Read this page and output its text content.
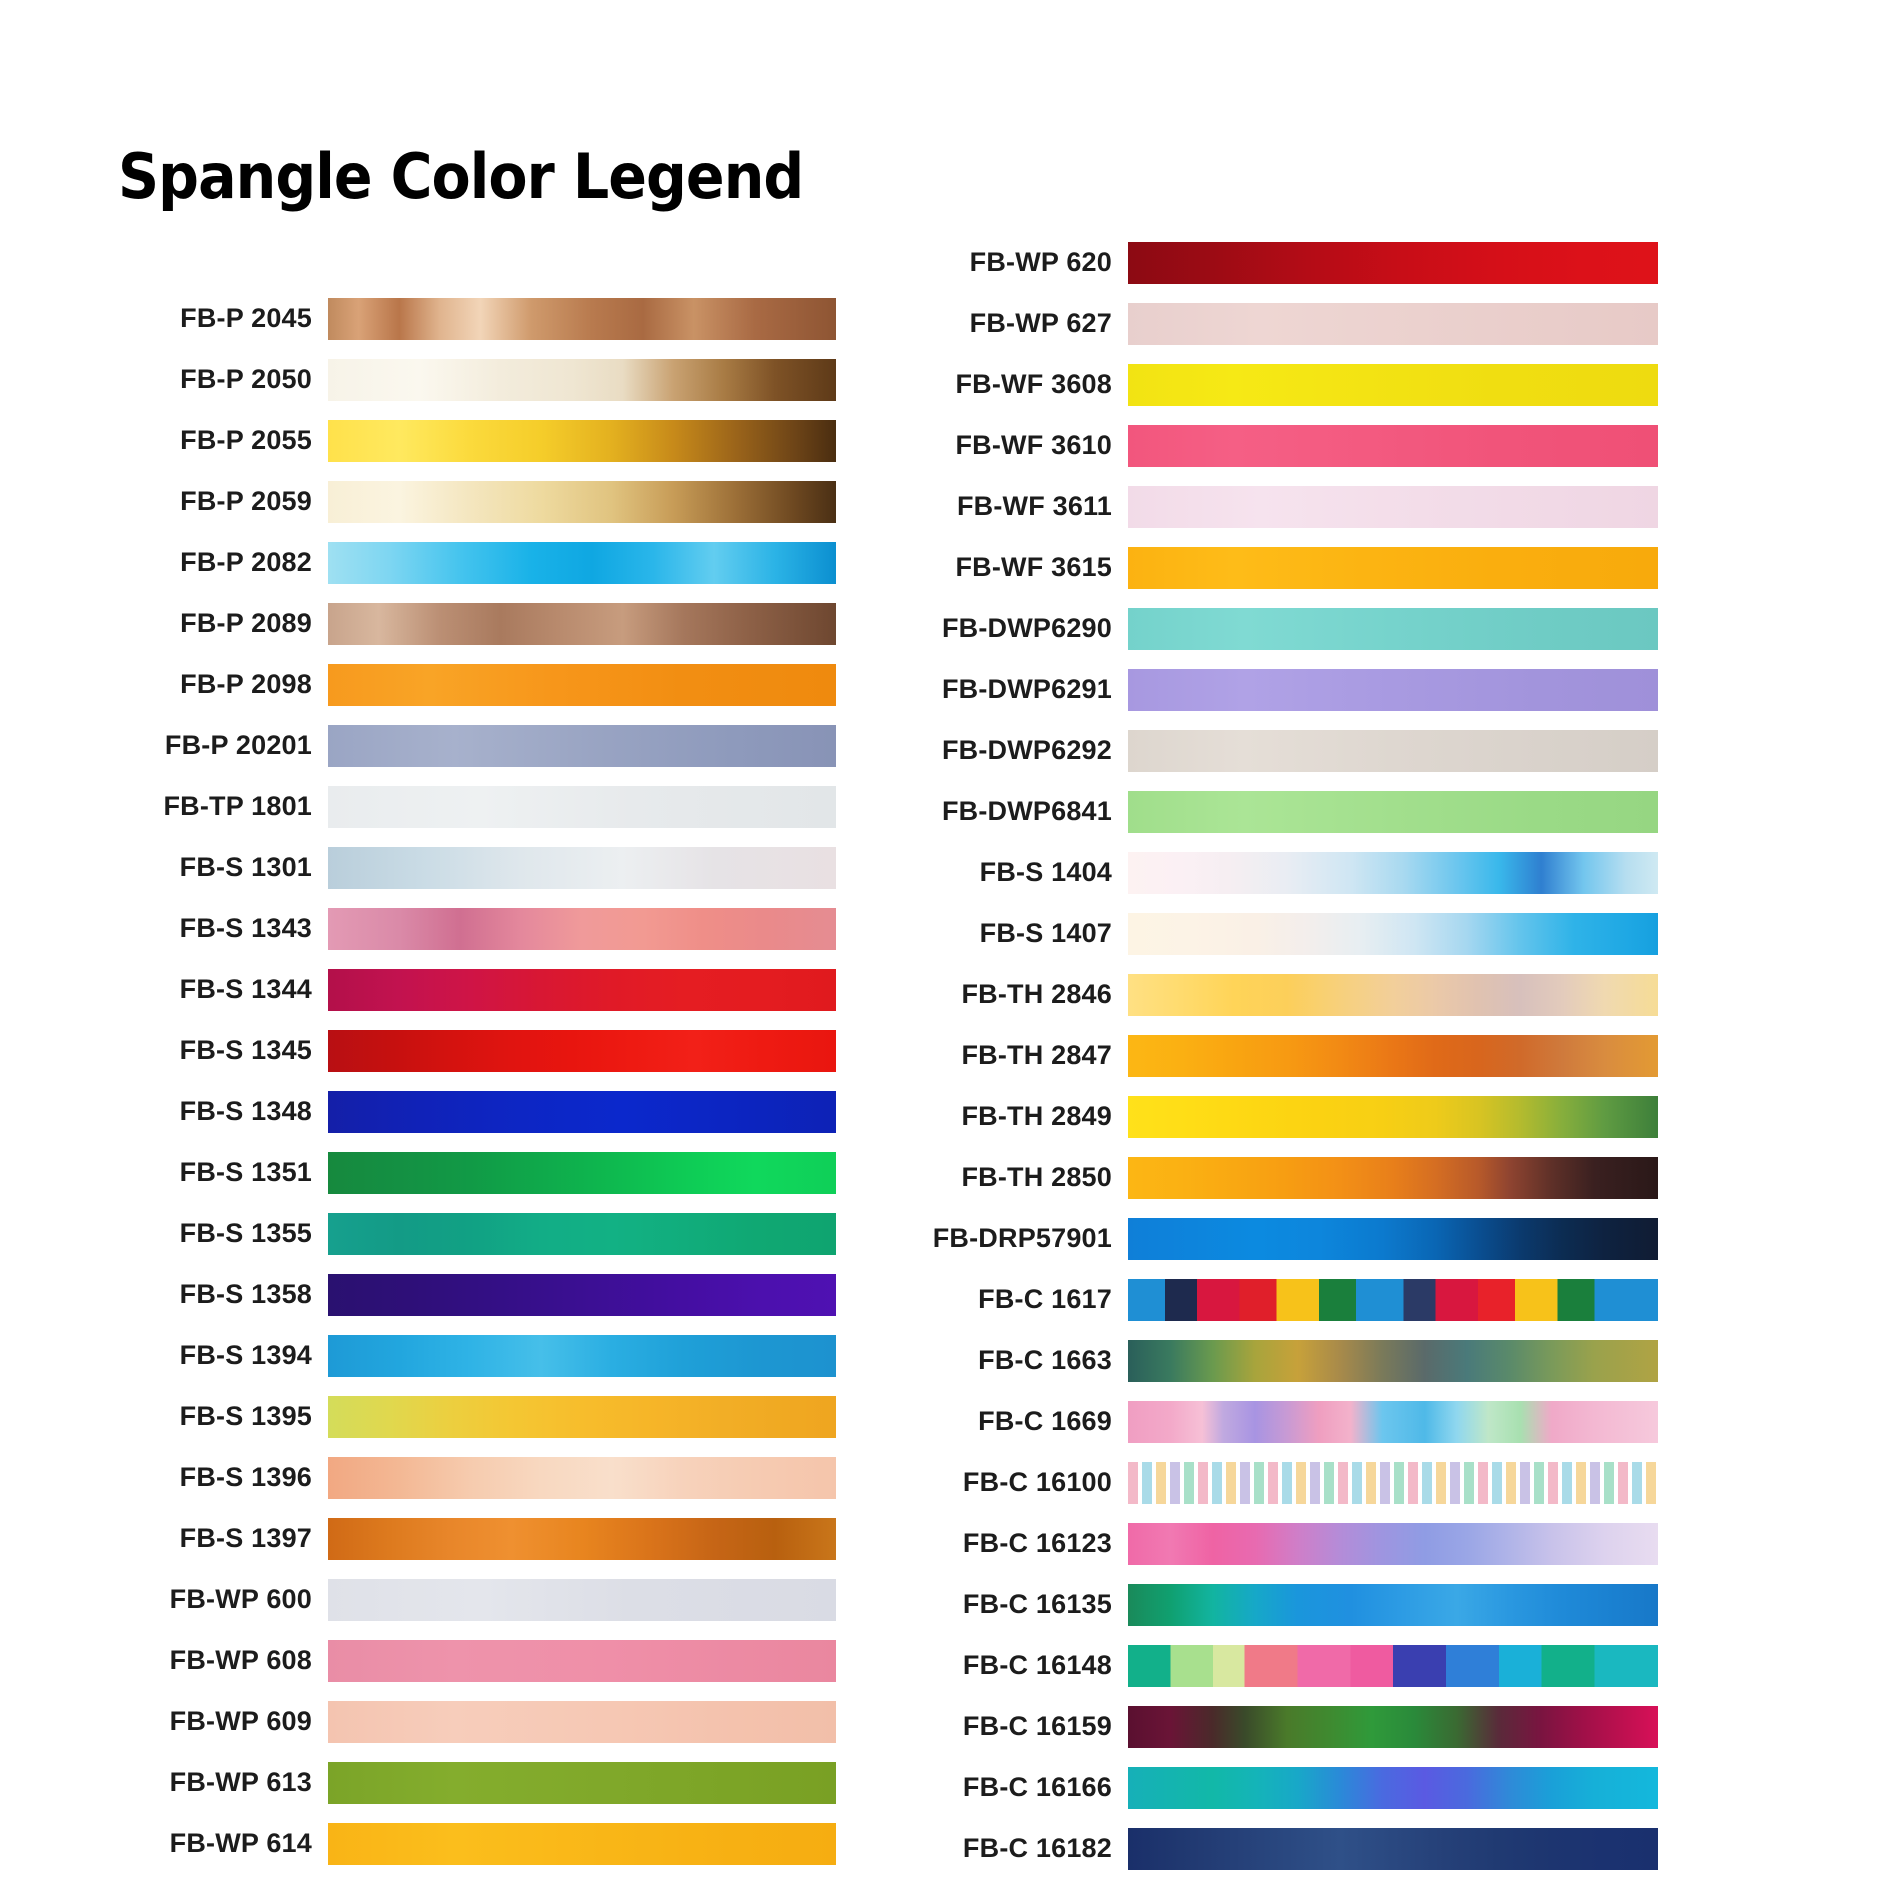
Spangle Color Legend
FB-P 2045
FB-P 2050
FB-P 2055
FB-P 2059
FB-P 2082
FB-P 2089
FB-P 2098
FB-P 20201
FB-TP 1801
FB-S 1301
FB-S 1343
FB-S 1344
FB-S 1345
FB-S 1348
FB-S 1351
FB-S 1355
FB-S 1358
FB-S 1394
FB-S 1395
FB-S 1396
FB-S 1397
FB-WP 600
FB-WP 608
FB-WP 609
FB-WP 613
FB-WP 614
FB-WP 620
FB-WP 627
FB-WF 3608
FB-WF 3610
FB-WF 3611
FB-WF 3615
FB-DWP6290
FB-DWP6291
FB-DWP6292
FB-DWP6841
FB-S 1404
FB-S 1407
FB-TH 2846
FB-TH 2847
FB-TH 2849
FB-TH 2850
FB-DRP57901
FB-C 1617
FB-C 1663
FB-C 1669
FB-C 16100
FB-C 16123
FB-C 16135
FB-C 16148
FB-C 16159
FB-C 16166
FB-C 16182
